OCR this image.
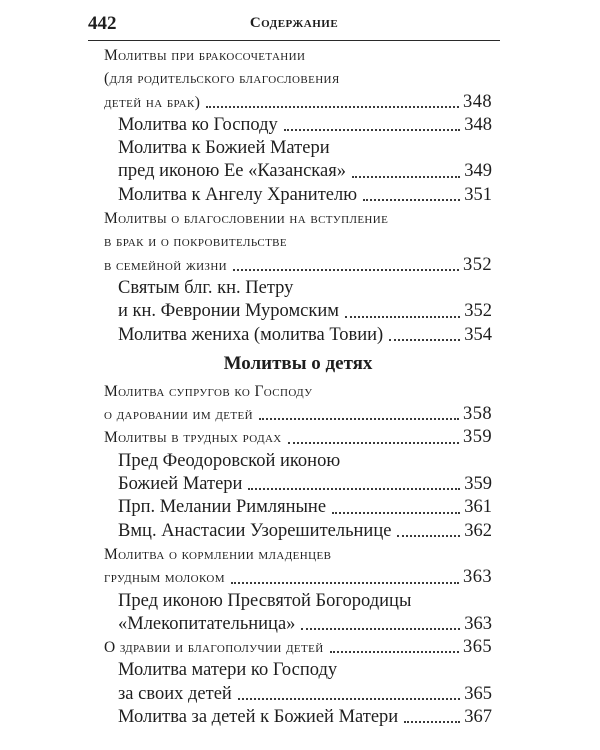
442	Содержание
Молитвы при бракосочетании
(для родительского благословения
детей на брак)	348
Молитва ко Господу	348
Молитва к Божией Матери
пред иконою Ее «Казанская»	349
Молитва к Ангелу Хранителю	351
Молитвы о благословении на вступление
в брак и о покровительстве
в семейной жизни	352
Святым блг. кн. Петру
и кн. Февронии Муромским	352
Молитва жениха (молитва Товии)	354
Молитвы о детях
Молитва супругов ко Господу
о даровании им детей	358
Молитвы в трудных родах	359
Пред Феодоровской иконою
Божией Матери	359
Прп. Мелании Римляныне	361
Вмц. Анастасии Узорешительнице	362
Молитва о кормлении младенцев
грудным молоком	363
Пред иконою Пресвятой Богородицы
«Млекопитательница»	363
О здравии и благополучии детей	365
Молитва матери ко Господу
за своих детей	365
Молитва за детей к Божией Матери	367
